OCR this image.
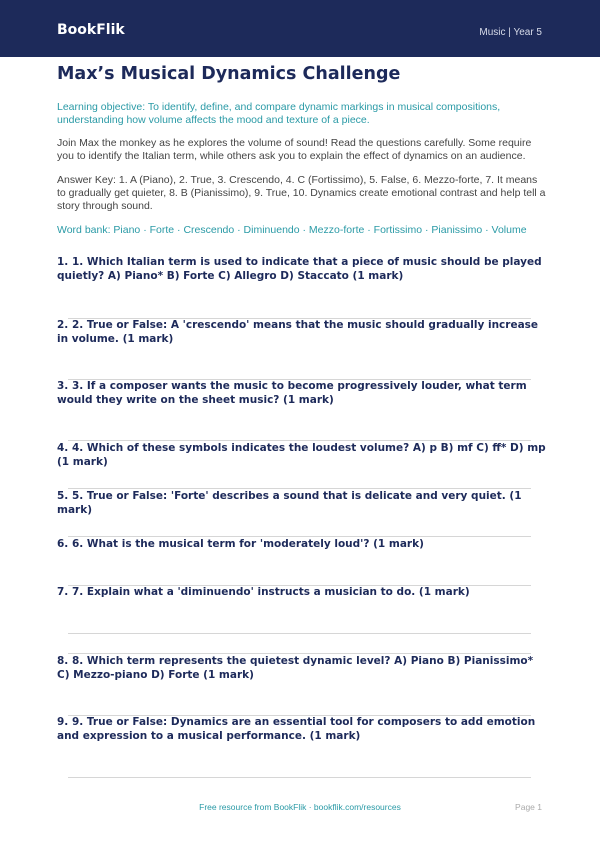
BookFlik	Music | Year 5
Max’s Musical Dynamics Challenge
Learning objective: To identify, define, and compare dynamic markings in musical compositions, understanding how volume affects the mood and texture of a piece.
Join Max the monkey as he explores the volume of sound! Read the questions carefully. Some require you to identify the Italian term, while others ask you to explain the effect of dynamics on an audience.
Answer Key: 1. A (Piano), 2. True, 3. Crescendo, 4. C (Fortissimo), 5. False, 6. Mezzo-forte, 7. It means to gradually get quieter, 8. B (Pianissimo), 9. True, 10. Dynamics create emotional contrast and help tell a story through sound.
Word bank: Piano · Forte · Crescendo · Diminuendo · Mezzo-forte · Fortissimo · Pianissimo · Volume
1. 1. Which Italian term is used to indicate that a piece of music should be played quietly? A) Piano* B) Forte C) Allegro D) Staccato (1 mark)
2. 2. True or False: A 'crescendo' means that the music should gradually increase in volume. (1 mark)
3. 3. If a composer wants the music to become progressively louder, what term would they write on the sheet music? (1 mark)
4. 4. Which of these symbols indicates the loudest volume? A) p B) mf C) ff* D) mp (1 mark)
5. 5. True or False: 'Forte' describes a sound that is delicate and very quiet. (1 mark)
6. 6. What is the musical term for 'moderately loud'? (1 mark)
7. 7. Explain what a 'diminuendo' instructs a musician to do. (1 mark)
8. 8. Which term represents the quietest dynamic level? A) Piano B) Pianissimo* C) Mezzo-piano D) Forte (1 mark)
9. 9. True or False: Dynamics are an essential tool for composers to add emotion and expression to a musical performance. (1 mark)
Free resource from BookFlik · bookflik.com/resources	Page 1
